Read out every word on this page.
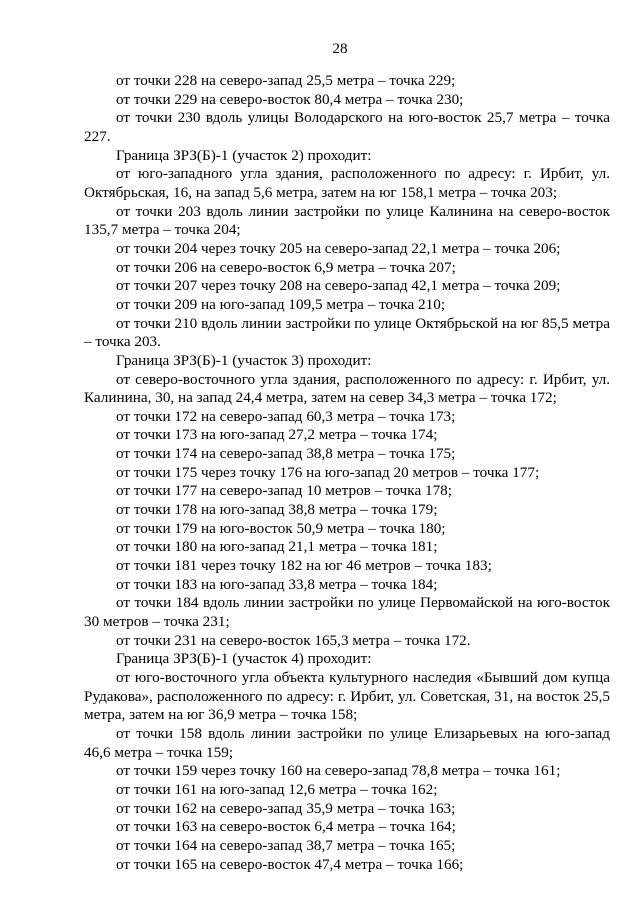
28

от точки 228 на северо-запад 25,5 метра – точка 229;

от точки 229 на северо-восток 80,4 метра – точка 230;

от точки 230 вдоль улицы Володарского на юго-восток 25,7 метра – точка 227.

Граница ЗРЗ(Б)-1 (участок 2) проходит:

от юго-западного угла здания, расположенного по адресу: г. Ирбит, ул. Октябрьская, 16, на запад 5,6 метра, затем на юг 158,1 метра – точка 203;

от точки 203 вдоль линии застройки по улице Калинина на северо-восток 135,7 метра – точка 204;

от точки 204 через точку 205 на северо-запад 22,1 метра – точка 206;

от точки 206 на северо-восток 6,9 метра – точка 207;

от точки 207 через точку 208 на северо-запад 42,1 метра – точка 209;

от точки 209 на юго-запад 109,5 метра – точка 210;

от точки 210 вдоль линии застройки по улице Октябрьской на юг 85,5 метра – точка 203.

Граница ЗРЗ(Б)-1 (участок 3) проходит:

от северо-восточного угла здания, расположенного по адресу: г. Ирбит, ул. Калинина, 30, на запад 24,4 метра, затем на север 34,3 метра – точка 172;

от точки 172 на северо-запад 60,3 метра – точка 173;

от точки 173 на юго-запад 27,2 метра – точка 174;

от точки 174 на северо-запад 38,8 метра – точка 175;

от точки 175 через точку 176 на юго-запад 20 метров – точка 177;

от точки 177 на северо-запад 10 метров – точка 178;

от точки 178 на юго-запад 38,8 метра – точка 179;

от точки 179 на юго-восток 50,9 метра – точка 180;

от точки 180 на юго-запад 21,1 метра – точка 181;

от точки 181 через точку 182 на юг 46 метров – точка 183;

от точки 183 на юго-запад 33,8 метра – точка 184;

от точки 184 вдоль линии застройки по улице Первомайской на юго-восток 30 метров – точка 231;

от точки 231 на северо-восток 165,3 метра – точка 172.

Граница ЗРЗ(Б)-1 (участок 4) проходит:

от юго-восточного угла объекта культурного наследия «Бывший дом купца Рудакова», расположенного по адресу: г. Ирбит, ул. Советская, 31, на восток 25,5 метра, затем на юг 36,9 метра – точка 158;

от точки 158 вдоль линии застройки по улице Елизарьевых на юго-запад 46,6 метра – точка 159;

от точки 159 через точку 160 на северо-запад 78,8 метра – точка 161;

от точки 161 на юго-запад 12,6 метра – точка 162;

от точки 162 на северо-запад 35,9 метра – точка 163;

от точки 163 на северо-восток 6,4 метра – точка 164;

от точки 164 на северо-запад 38,7 метра – точка 165;

от точки 165 на северо-восток 47,4 метра – точка 166;
